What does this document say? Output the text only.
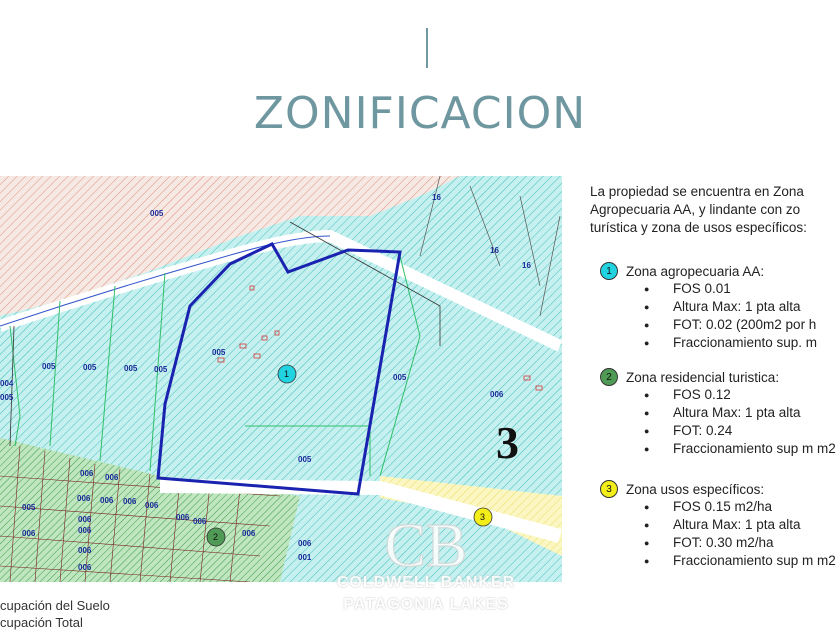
ZONIFICACION
005
005	005	005 005
005
005
005
004
005
006 006
006 006 006 006
006
006
006
006
006
005
006
006
006
006
001
16
16
16
006
3
1
2
3
La propiedad se encuentra en Zona
Agropecuaria AA, y lindante con zo
turística y zona de usos específicos:
1	Zona agropecuaria AA:
● FOS 0.01
● Altura Max: 1 pta alta
● FOT: 0.02 (200m2 por h
● Fraccionamiento sup. m
2	Zona residencial turistica:
● FOS 0.12
● Altura Max: 1 pta alta
● FOT: 0.24
● Fraccionamiento sup m m2
3	Zona usos específicos:
● FOS 0.15 m2/ha
● Altura Max: 1 pta alta
● FOT: 0.30 m2/ha
● Fraccionamiento sup m m2
CB
COLDWELL BANKER
PATAGONIA LAKES
cupación del Suelo
cupación Total
